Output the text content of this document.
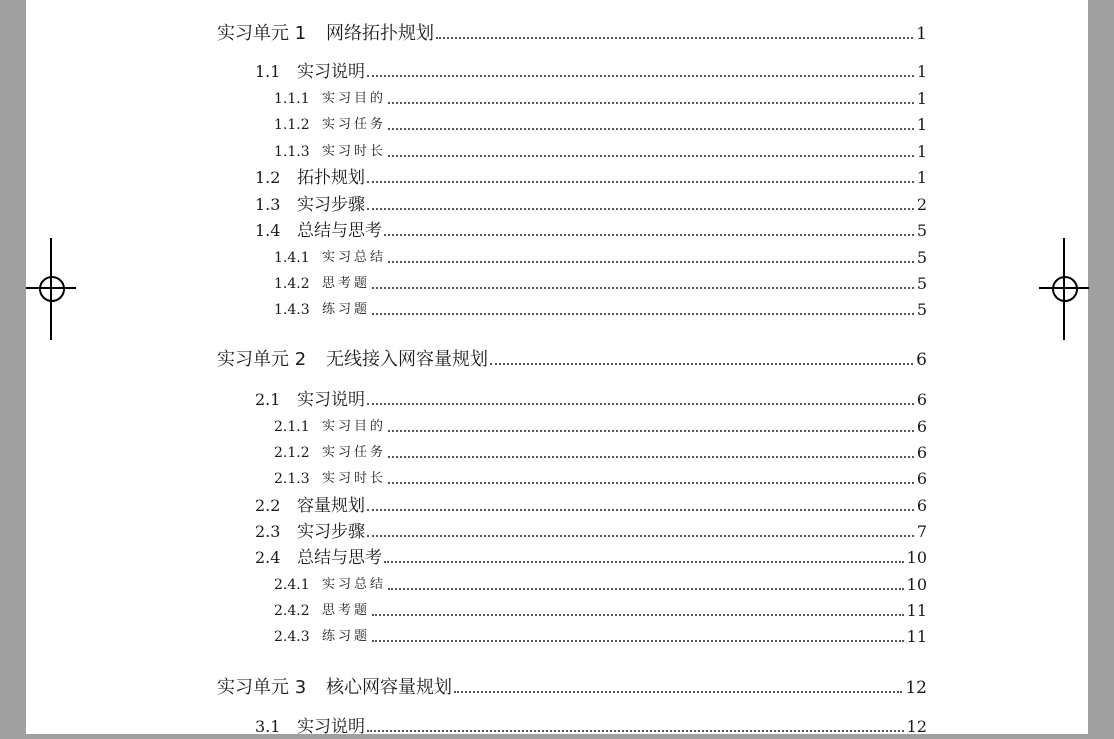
实习单元 1 网络拓扑规划	1
1.1 实习说明	1
1.1.1 实习目的	1
1.1.2 实习任务	1
1.1.3 实习时长	1
1.2 拓扑规划	1
1.3 实习步骤	2
1.4 总结与思考	5
1.4.1 实习总结	5
1.4.2 思考题	5
1.4.3 练习题	5
实习单元 2 无线接入网容量规划	6
2.1 实习说明	6
2.1.1 实习目的	6
2.1.2 实习任务	6
2.1.3 实习时长	6
2.2 容量规划	6
2.3 实习步骤	7
2.4 总结与思考	10
2.4.1 实习总结	10
2.4.2 思考题	11
2.4.3 练习题	11
实习单元 3 核心网容量规划	12
3.1 实习说明	12
